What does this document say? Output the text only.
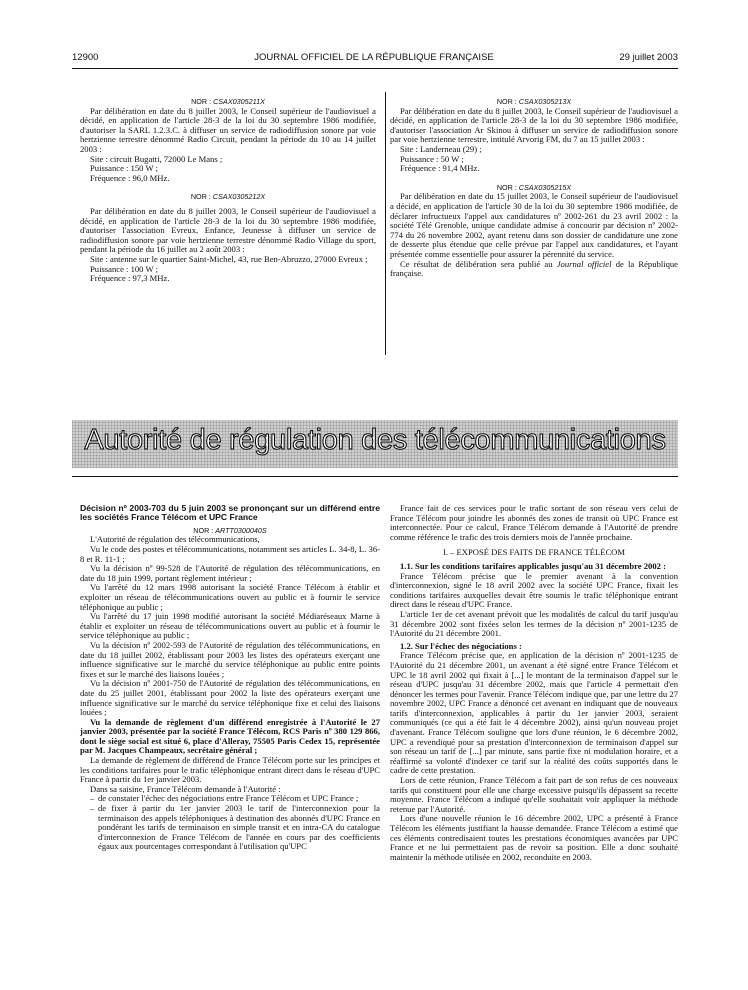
12900	JOURNAL OFFICIEL DE LA RÉPUBLIQUE FRANÇAISE	29 juillet 2003

NOR : CSAX0305211X

Par délibération en date du 8 juillet 2003, le Conseil supérieur de l'audiovisuel a décidé, en application de l'article 28-3 de la loi du 30 septembre 1986 modifiée, d'autoriser la SARL 1.2.3.C. à diffuser un service de radiodiffusion sonore par voie hertzienne terrestre dénommé Radio Circuit, pendant la période du 10 au 14 juillet 2003 :

Site : circuit Bugatti, 72000 Le Mans ;

Puissance : 150 W ;

Fréquence : 96,0 MHz.

NOR : CSAX0305212X

Par délibération en date du 8 juillet 2003, le Conseil supérieur de l'audiovisuel a décidé, en application de l'article 28-3 de la loi du 30 septembre 1986 modifiée, d'autoriser l'association Evreux, Enfance, Jeunesse à diffuser un service de radiodiffusion sonore par voie hertzienne terrestre dénommé Radio Village du sport, pendant la période du 16 juillet au 2 août 2003 :

Site : antenne sur le quartier Saint-Michel, 43, rue Ben-Abruzzo, 27000 Evreux ;

Puissance : 100 W ;

Fréquence : 97,3 MHz.

NOR : CSAX0305213X

Par délibération en date du 8 juillet 2003, le Conseil supérieur de l'audiovisuel a décidé, en application de l'article 28-3 de la loi du 30 septembre 1986 modifiée, d'autoriser l'association Ar Skinou à diffuser un service de radiodiffusion sonore par voie hertzienne terrestre, intitulé Arvorig FM, du 7 au 15 juillet 2003 :

Site : Landerneau (29) ;

Puissance : 50 W ;

Fréquence : 91,4 MHz.

NOR : CSAX0305215X

Par délibération en date du 15 juillet 2003, le Conseil supérieur de l'audiovisuel a décidé, en application de l'article 30 de la loi du 30 septembre 1986 modifiée, de déclarer infructueux l'appel aux candidatures nº 2002-261 du 23 avril 2002 : la société Télé Grenoble, unique candidate admise à concourir par décision nº 2002-774 du 26 novembre 2002, ayant retenu dans son dossier de candidature une zone de desserte plus étendue que celle prévue par l'appel aux candidatures, et l'ayant présentée comme essentielle pour assurer la pérennité du service.

Ce résultat de délibération sera publié au Journal officiel de la République française.

Autorité de régulation des télécommunications

Décision nº 2003-703 du 5 juin 2003 se prononçant sur un différend entre les sociétés France Télécom et UPC France

NOR : ARTT0300040S

L'Autorité de régulation des télécommunications,

Vu le code des postes et télécommunications, notamment ses articles L. 34-8, L. 36-8 et R. 11-1 ;

Vu la décision nº 99-528 de l'Autorité de régulation des télécommunications, en date du 18 juin 1999, portant règlement intérieur ;

Vu l'arrêté du 12 mars 1998 autorisant la société France Télécom à établir et exploiter un réseau de télécommunications ouvert au public et à fournir le service téléphonique au public ;

Vu l'arrêté du 17 juin 1998 modifié autorisant la société Médiaréseaux Marne à établir et exploiter un réseau de télécommunications ouvert au public et à fournir le service téléphonique au public ;

Vu la décision nº 2002-593 de l'Autorité de régulation des télécommunications, en date du 18 juillet 2002, établissant pour 2003 les listes des opérateurs exerçant une influence significative sur le marché du service téléphonique au public entre points fixes et sur le marché des liaisons louées ;

Vu la décision nº 2001-750 de l'Autorité de régulation des télécommunications, en date du 25 juillet 2001, établissant pour 2002 la liste des opérateurs exerçant une influence significative sur le marché du service téléphonique fixe et celui des liaisons louées ;

Vu la demande de règlement d'un différend enregistrée à l'Autorité le 27 janvier 2003, présentée par la société France Télécom, RCS Paris nº 380 129 866, dont le siège social est situé 6, place d'Alleray, 75505 Paris Cedex 15, représentée par M. Jacques Champeaux, secrétaire général ;

La demande de règlement de différend de France Télécom porte sur les principes et les conditions tarifaires pour le trafic téléphonique entrant direct dans le réseau d'UPC France à partir du 1er janvier 2003.

Dans sa saisine, France Télécom demande à l'Autorité :

– de constater l'échec des négociations entre France Télécom et UPC France ;
– de fixer à partir du 1er janvier 2003 le tarif de l'interconnexion pour la terminaison des appels téléphoniques à destination des abonnés d'UPC France en pondérant les tarifs de terminaison en simple transit et en intra-CA du catalogue d'interconnexion de France Télécom de l'année en cours par des coefficients égaux aux pourcentages correspondant à l'utilisation qu'UPC

France fait de ces services pour le trafic sortant de son réseau vers celui de France Télécom pour joindre les abonnés des zones de transit où UPC France est interconnectée. Pour ce calcul, France Télécom demande à l'Autorité de prendre comme référence le trafic des trois derniers mois de l'année prochaine.

I. – EXPOSÉ DES FAITS DE FRANCE TÉLÉCOM

1.1. Sur les conditions tarifaires applicables jusqu'au 31 décembre 2002 :

France Télécom précise que le premier avenant à la convention d'interconnexion, signé le 18 avril 2002 avec la société UPC France, fixait les conditions tarifaires auxquelles devait être soumis le trafic téléphonique entrant direct dans le réseau d'UPC France.

L'article 1er de cet avenant prévoit que les modalités de calcul du tarif jusqu'au 31 décembre 2002 sont fixées selon les termes de la décision nº 2001-1235 de l'Autorité du 21 décembre 2001.

1.2. Sur l'échec des négociations :

France Télécom précise que, en application de la décision nº 2001-1235 de l'Autorité du 21 décembre 2001, un avenant a été signé entre France Télécom et UPC le 18 avril 2002 qui fixait à [...] le montant de la terminaison d'appel sur le réseau d'UPC jusqu'au 31 décembre 2002, mais que l'article 4 permettait d'en dénoncer les termes pour l'avenir. France Télécom indique que, par une lettre du 27 novembre 2002, UPC France a dénoncé cet avenant en indiquant que de nouveaux tarifs d'interconnexion, applicables à partir du 1er janvier 2003, seraient communiqués (ce qui a été fait le 4 décembre 2002), ainsi qu'un nouveau projet d'avenant. France Télécom souligne que lors d'une réunion, le 6 décembre 2002, UPC a revendiqué pour sa prestation d'interconnexion de terminaison d'appel sur son réseau un tarif de [...] par minute, sans partie fixe ni modulation horaire, et a réaffirmé sa volonté d'indexer ce tarif sur la réalité des coûts supportés dans le cadre de cette prestation.

Lors de cette réunion, France Télécom a fait part de son refus de ces nouveaux tarifs qui constituent pour elle une charge excessive puisqu'ils dépassent sa recette moyenne. France Télécom a indiqué qu'elle souhaitait voir appliquer la méthode retenue par l'Autorité.

Lors d'une nouvelle réunion le 16 décembre 2002, UPC a présenté à France Télécom les éléments justifiant la hausse demandée. France Télécom a estimé que ces éléments contredisaient toutes les prestations économiques avancées par UPC France et ne lui permettaient pas de revoir sa position. Elle a donc souhaité maintenir la méthode utilisée en 2002, reconduite en 2003.
